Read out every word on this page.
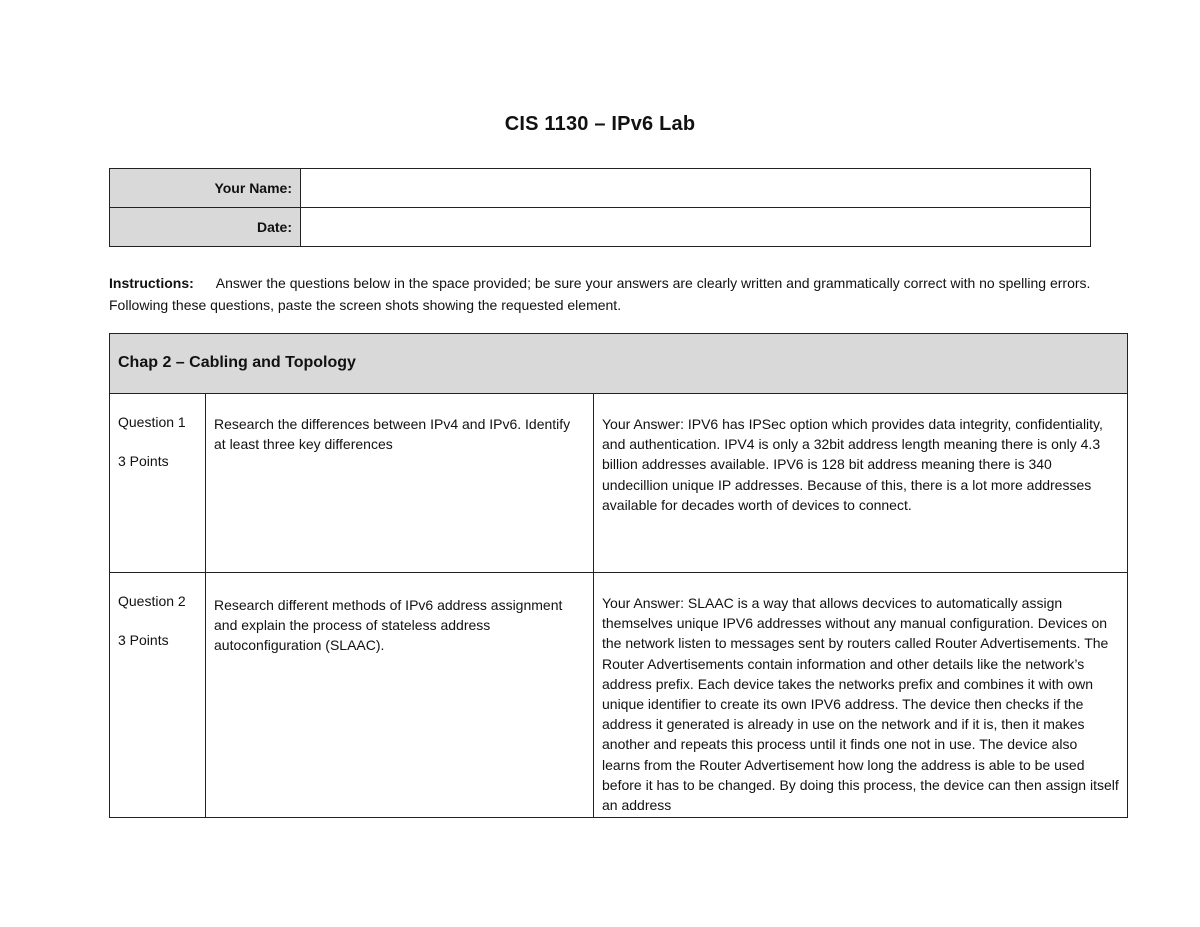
CIS 1130 – IPv6 Lab
Your Name:	
Date:	
Instructions: Answer the questions below in the space provided; be sure your answers are clearly written and grammatically correct with no spelling errors. Following these questions, paste the screen shots showing the requested element.
Chap 2 – Cabling and Topology		

Question 1
3 Points	Research the differences between IPv4 and IPv6. Identify at least three key differences	Your Answer: IPV6 has IPSec option which provides data integrity, confidentiality, and authentication. IPV4 is only a 32bit address length meaning there is only 4.3 billion addresses available. IPV6 is 128 bit address meaning there is 340 undecillion unique IP addresses. Because of this, there is a lot more addresses available for decades worth of devices to connect.

Question 2
3 Points	Research different methods of IPv6 address assignment and explain the process of stateless address autoconfiguration (SLAAC).	Your Answer: SLAAC is a way that allows decvices to automatically assign themselves unique IPV6 addresses without any manual configuration. Devices on the network listen to messages sent by routers called Router Advertisements. The Router Advertisements contain information and other details like the network’s address prefix. Each device takes the networks prefix and combines it with own unique identifier to create its own IPV6 address. The device then checks if the address it generated is already in use on the network and if it is, then it makes another and repeats this process until it finds one not in use. The device also learns from the Router Advertisement how long the address is able to be used before it has to be changed. By doing this process, the device can then assign itself an address
